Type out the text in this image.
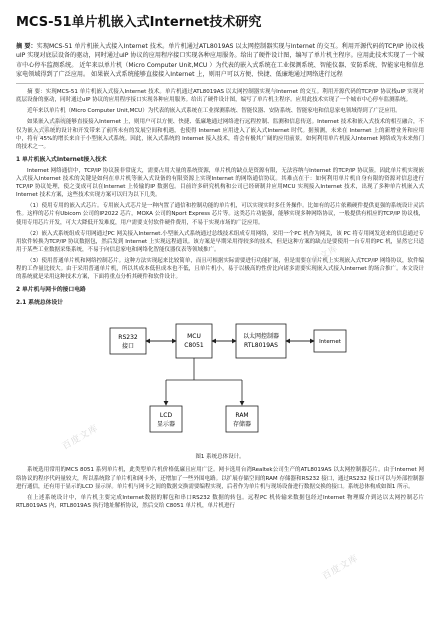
MCS-51单片机嵌入式Internet技术研究

摘 要：实现MCS-51 单片机嵌入式接入Internet 技术。单片机通过ATL8019AS 以太网控制器实现与Internet 的交互。利用开源代码的TCP/IP 协议栈uIP 实现对底层设备的驱动，同时通过uIP 协议的应用程序接口实现各种应用服务。给出了硬件设计图，编写了单片机主程序。应用此技术实现了一个城市中心停车监测系统。 近年来以单片机（Micro Computer Unit,MCU ）为代表的嵌入式系统在工业探测系统、智能仪器、安防系统、智能家电和信息家电领域得到了广泛应用。 如果嵌入式系统能够直接接入Internet 上，则用户可以方便、快捷、低廉地通过网络进行远程

摘 要：实现MCS-51 单片机嵌入式接入Internet 技术。单片机通过ATL8019AS 以太网控制器实现与Internet 的交互。利用开源代码的TCP/IP 协议栈uIP 实现对底层设备的驱动，同时通过uIP 协议的应用程序接口实现各种应用服务。给出了硬件设计图，编写了单片机主程序。应用此技术实现了一个城市中心停车监测系统。

近年来以单片机（Micro Computer Unit,MCU）为代表的嵌入式系统在工业探测系统、智能仪器、安防系统、智能家电和信息家电领域得到了广泛应用。

如果嵌入式系统能够直接接入Internet 上，则用户可以方便、快捷、低廉地通过网络进行远程控制、监测和信息传送。Internet 技术和嵌入式技术的相互融合，不仅为嵌入式系统的设计和开发带来了前所未有的发展空间和机遇，也使得 Internet 应用进入了嵌入式Internet 时代。据预测，未来在 Internet 上的新增业务和应用中，将有 45%的增长来自于小型嵌入式系统。因此，嵌入式系统的 Internet 接入技术，将会有极其广阔的应用前景。如何利用单片机接入Internet 网络成为未来热门的技术之一。

1 单片机嵌入式Internet接入技术

Internet 网络通信中，TCP/IP 协议簇非常庞大，需要占用大量的系统资源，单片机的缺点是资源有限，无法容纳与Internet 的TCP/IP 协议簇。因此单片机实现嵌入式接入Internet 技术的关键是如何在单片机等嵌入式设备的有限资源上实现Internet 的网络通信协议。其难点在于：如何利用单片机自身有限的资源对信息进行TCP/IP 协议处理，使之变成可以在Internet 上传输的IP 数据包。目前许多研究机构和公司已经研制并应用MCU 实现接入Internet 技术，出现了多种单片机嵌入式Internet 技术方案，这些技术实现方案可以归为以下几类。

（1）使用专用的嵌入式芯片。专用嵌入式芯片是一种内置了通信和控制功能的单片机，可以实现实时多任务操作。比如有的芯片依赖硬件提供更强的系统设计灵活性。这样的芯片有Ubicom 公司的IP2022 芯片，MOXA 公司的Nport Express 芯片等。这类芯片功能强，能够实现多种网络协议，一般提供有相应的TCP/IP 协议栈，使用专用芯片开发，可大大降低开发难度，用户需要支付软件硬件费用，不易于实现市场的广泛应用。

（2）嵌入式系统组成专用网通过PC 网关接入Internet.小型嵌入式系统通过总线技术组成专用网络，采用一个PC 机作为网关，该 PC 将专用网发送来的信息通过专用软件转换为TCP/IP 协议数据包，然后发到 Internet 上实现远程通讯。该方案是早期采用得较多的技术，但是这种方案的缺点是要使用一台专用的PC 机，显然它只适用于某些工业数据采集系统，不易于向信息家电和网络化智能仪器仪表等领域推广。

（3）使用普通单片机和网络控制芯片。这种方法实现起来比较简单，而且可根据实际需要进行功能扩展，但是需要在单片机上实现嵌入式TCP/IP 网络协议，软件编程的工作量比较大。由于采用普通单片机，所以其成本低但成本也不低，且单片机小，易于以极高的性价比向诸多需要实现嵌入式接入Internet 的场合推广。本文设计的系统就是采用这种技术方案，下面将重点分析其硬件和软件设计。

2 单片机与网卡的接口电路
2.1 系统总体设计
RS232
接口
MCU
C8051
以太网控制器
RTL8019AS	Internet
LCD
显示器
RAM
存储器
图1 系统总体设计。

系统选用常用的MCS 8051 系列单片机，此类型单片机价格低廉且应用广泛。网卡选用台湾Realtek公司生产的ATL8019AS 以太网控制器芯片。由于Internet 网络协议的程序代码量较大，所以系统除了单片机和网卡外，还增加了一些外围电路。以扩展存储空间的RAM 存储器和RS232 接口，通过RS232 接口可以与外部控制器进行通信，还有用于显示的LCD 显示屏。单片机与网卡之间的数据交换需要编程实现，后者作为单片机与现场设备进行数据交换的接口。系统总体构成如图1 所示。

在上述系统设计中，单片机主要完成Internet数据的解包和串口RS232 数据的转包。远程PC 机传输来数据包经过Internet 物理媒介到达以太网控制芯片 RTL8019AS 内，RTL8019AS 执行地址解析协议，然后交给 C8051 单片机，单片机进行

百度文库
百度文库
百度文库
百度文库
